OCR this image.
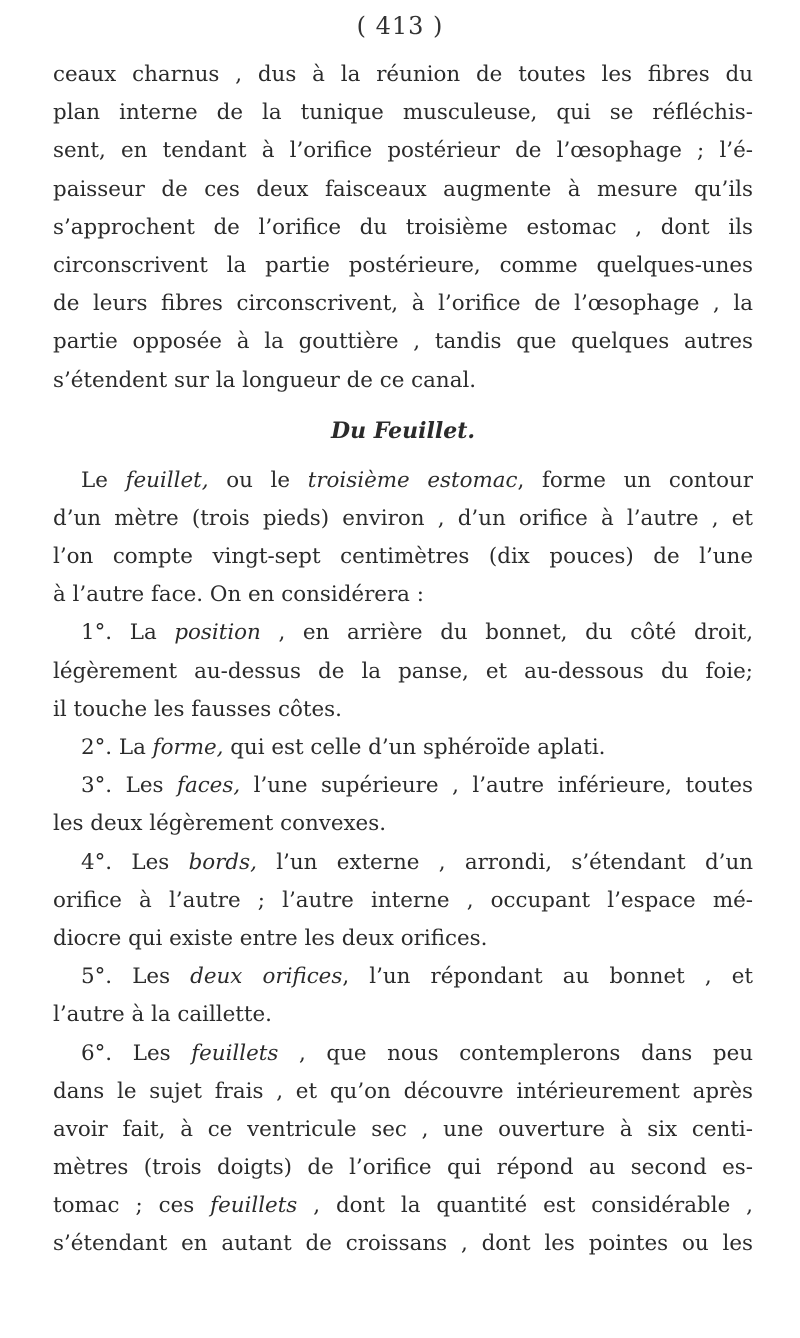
( 413 )
ceaux charnus , dus à la réunion de toutes les fibres du
plan interne de la tunique musculeuse, qui se réfléchis-
sent, en tendant à l’orifice postérieur de l’œsophage ; l’é-
paisseur de ces deux faisceaux augmente à mesure qu’ils
s’approchent de l’orifice du troisième estomac , dont ils
circonscrivent la partie postérieure, comme quelques-unes
de leurs fibres circonscrivent, à l’orifice de l’œsophage , la
partie opposée à la gouttière , tandis que quelques autres
s’étendent sur la longueur de ce canal.
Du Feuillet.
Le feuillet, ou le troisième estomac, forme un contour
d’un mètre (trois pieds) environ , d’un orifice à l’autre , et
l’on compte vingt-sept centimètres (dix pouces) de l’une
à l’autre face. On en considérera :
1°. La position , en arrière du bonnet, du côté droit,
légèrement au-dessus de la panse, et au-dessous du foie;
il touche les fausses côtes.
2°. La forme, qui est celle d’un sphéroïde aplati.
3°. Les faces, l’une supérieure , l’autre inférieure, toutes
les deux légèrement convexes.
4°. Les bords, l’un externe , arrondi, s’étendant d’un
orifice à l’autre ; l’autre interne , occupant l’espace mé-
diocre qui existe entre les deux orifices.
5°. Les deux orifices, l’un répondant au bonnet , et
l’autre à la caillette.
6°. Les feuillets , que nous contemplerons dans peu
dans le sujet frais , et qu’on découvre intérieurement après
avoir fait, à ce ventricule sec , une ouverture à six centi-
mètres (trois doigts) de l’orifice qui répond au second es-
tomac ; ces feuillets , dont la quantité est considérable ,
s’étendant en autant de croissans , dont les pointes ou les
